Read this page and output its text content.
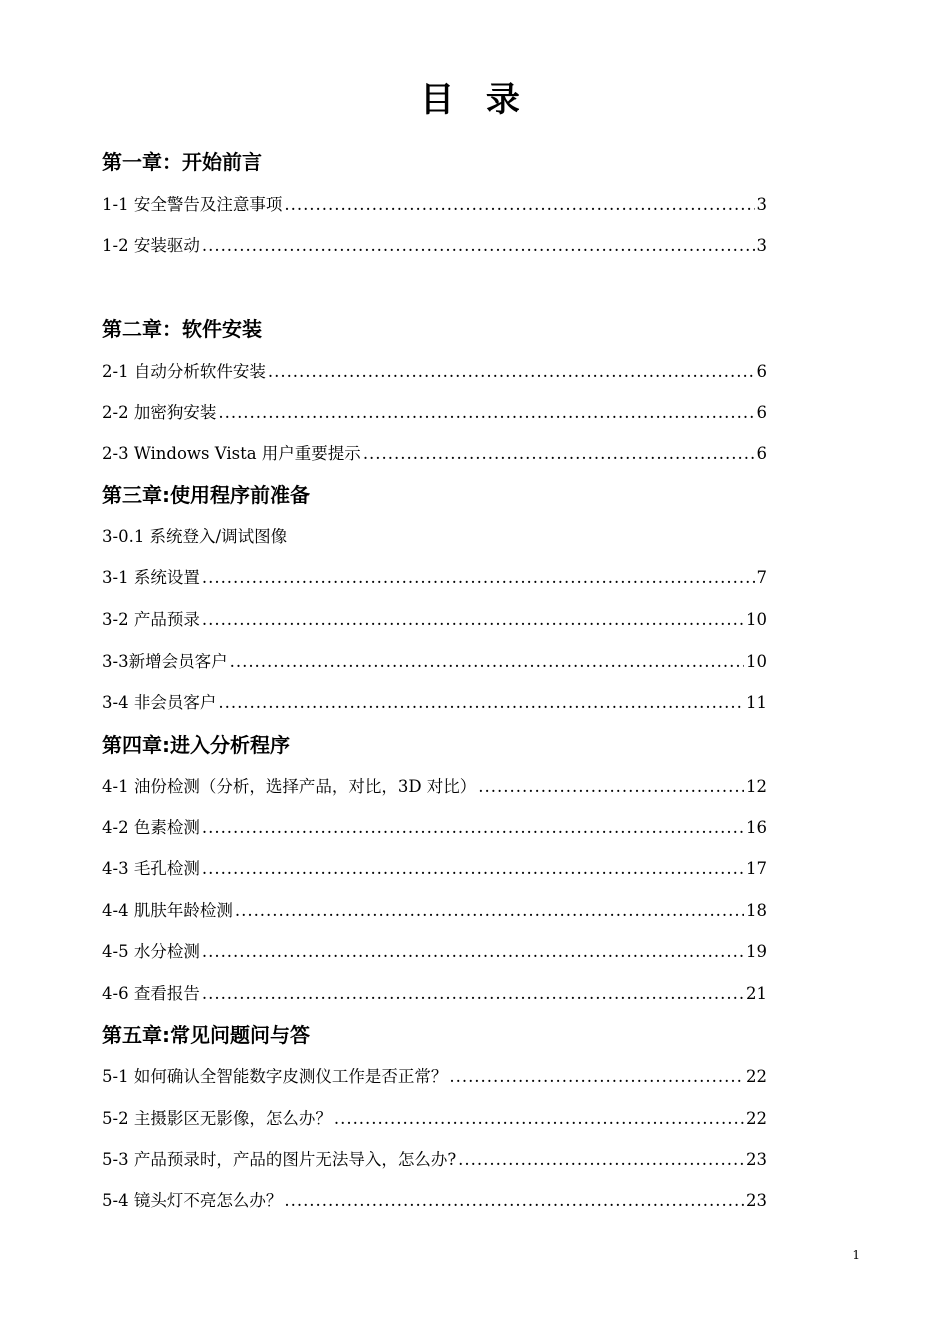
目 录
第一章：开始前言
1-1 安全警告及注意事项 .....	3
1-2 安装驱动 .....	3
第二章：软件安装
2-1 自动分析软件安装 .....	6
2-2 加密狗安装 .....	6
2-3 Windows Vista 用户重要提示 .....	6
第三章:使用程序前准备
3-0.1 系统登入/调试图像
3-1 系统设置 .....	7
3-2 产品预录 .....	10
3-3新增会员客户 .....	10
3-4 非会员客户 .....	11
第四章:进入分析程序
4-1 油份检测（分析，选择产品，对比，3D 对比） .....	12
4-2 色素检测 .....	16
4-3 毛孔检测 .....	17
4-4 肌肤年龄检测 .....	18
4-5 水分检测 .....	19
4-6 查看报告 .....	21
第五章:常见问题问与答
5-1 如何确认全智能数字皮测仪工作是否正常？ .....	22
5-2 主摄影区无影像，怎么办？ .....	22
5-3 产品预录时，产品的图片无法导入，怎么办? .....	23
5-4 镜头灯不亮怎么办？ .....	23
1
